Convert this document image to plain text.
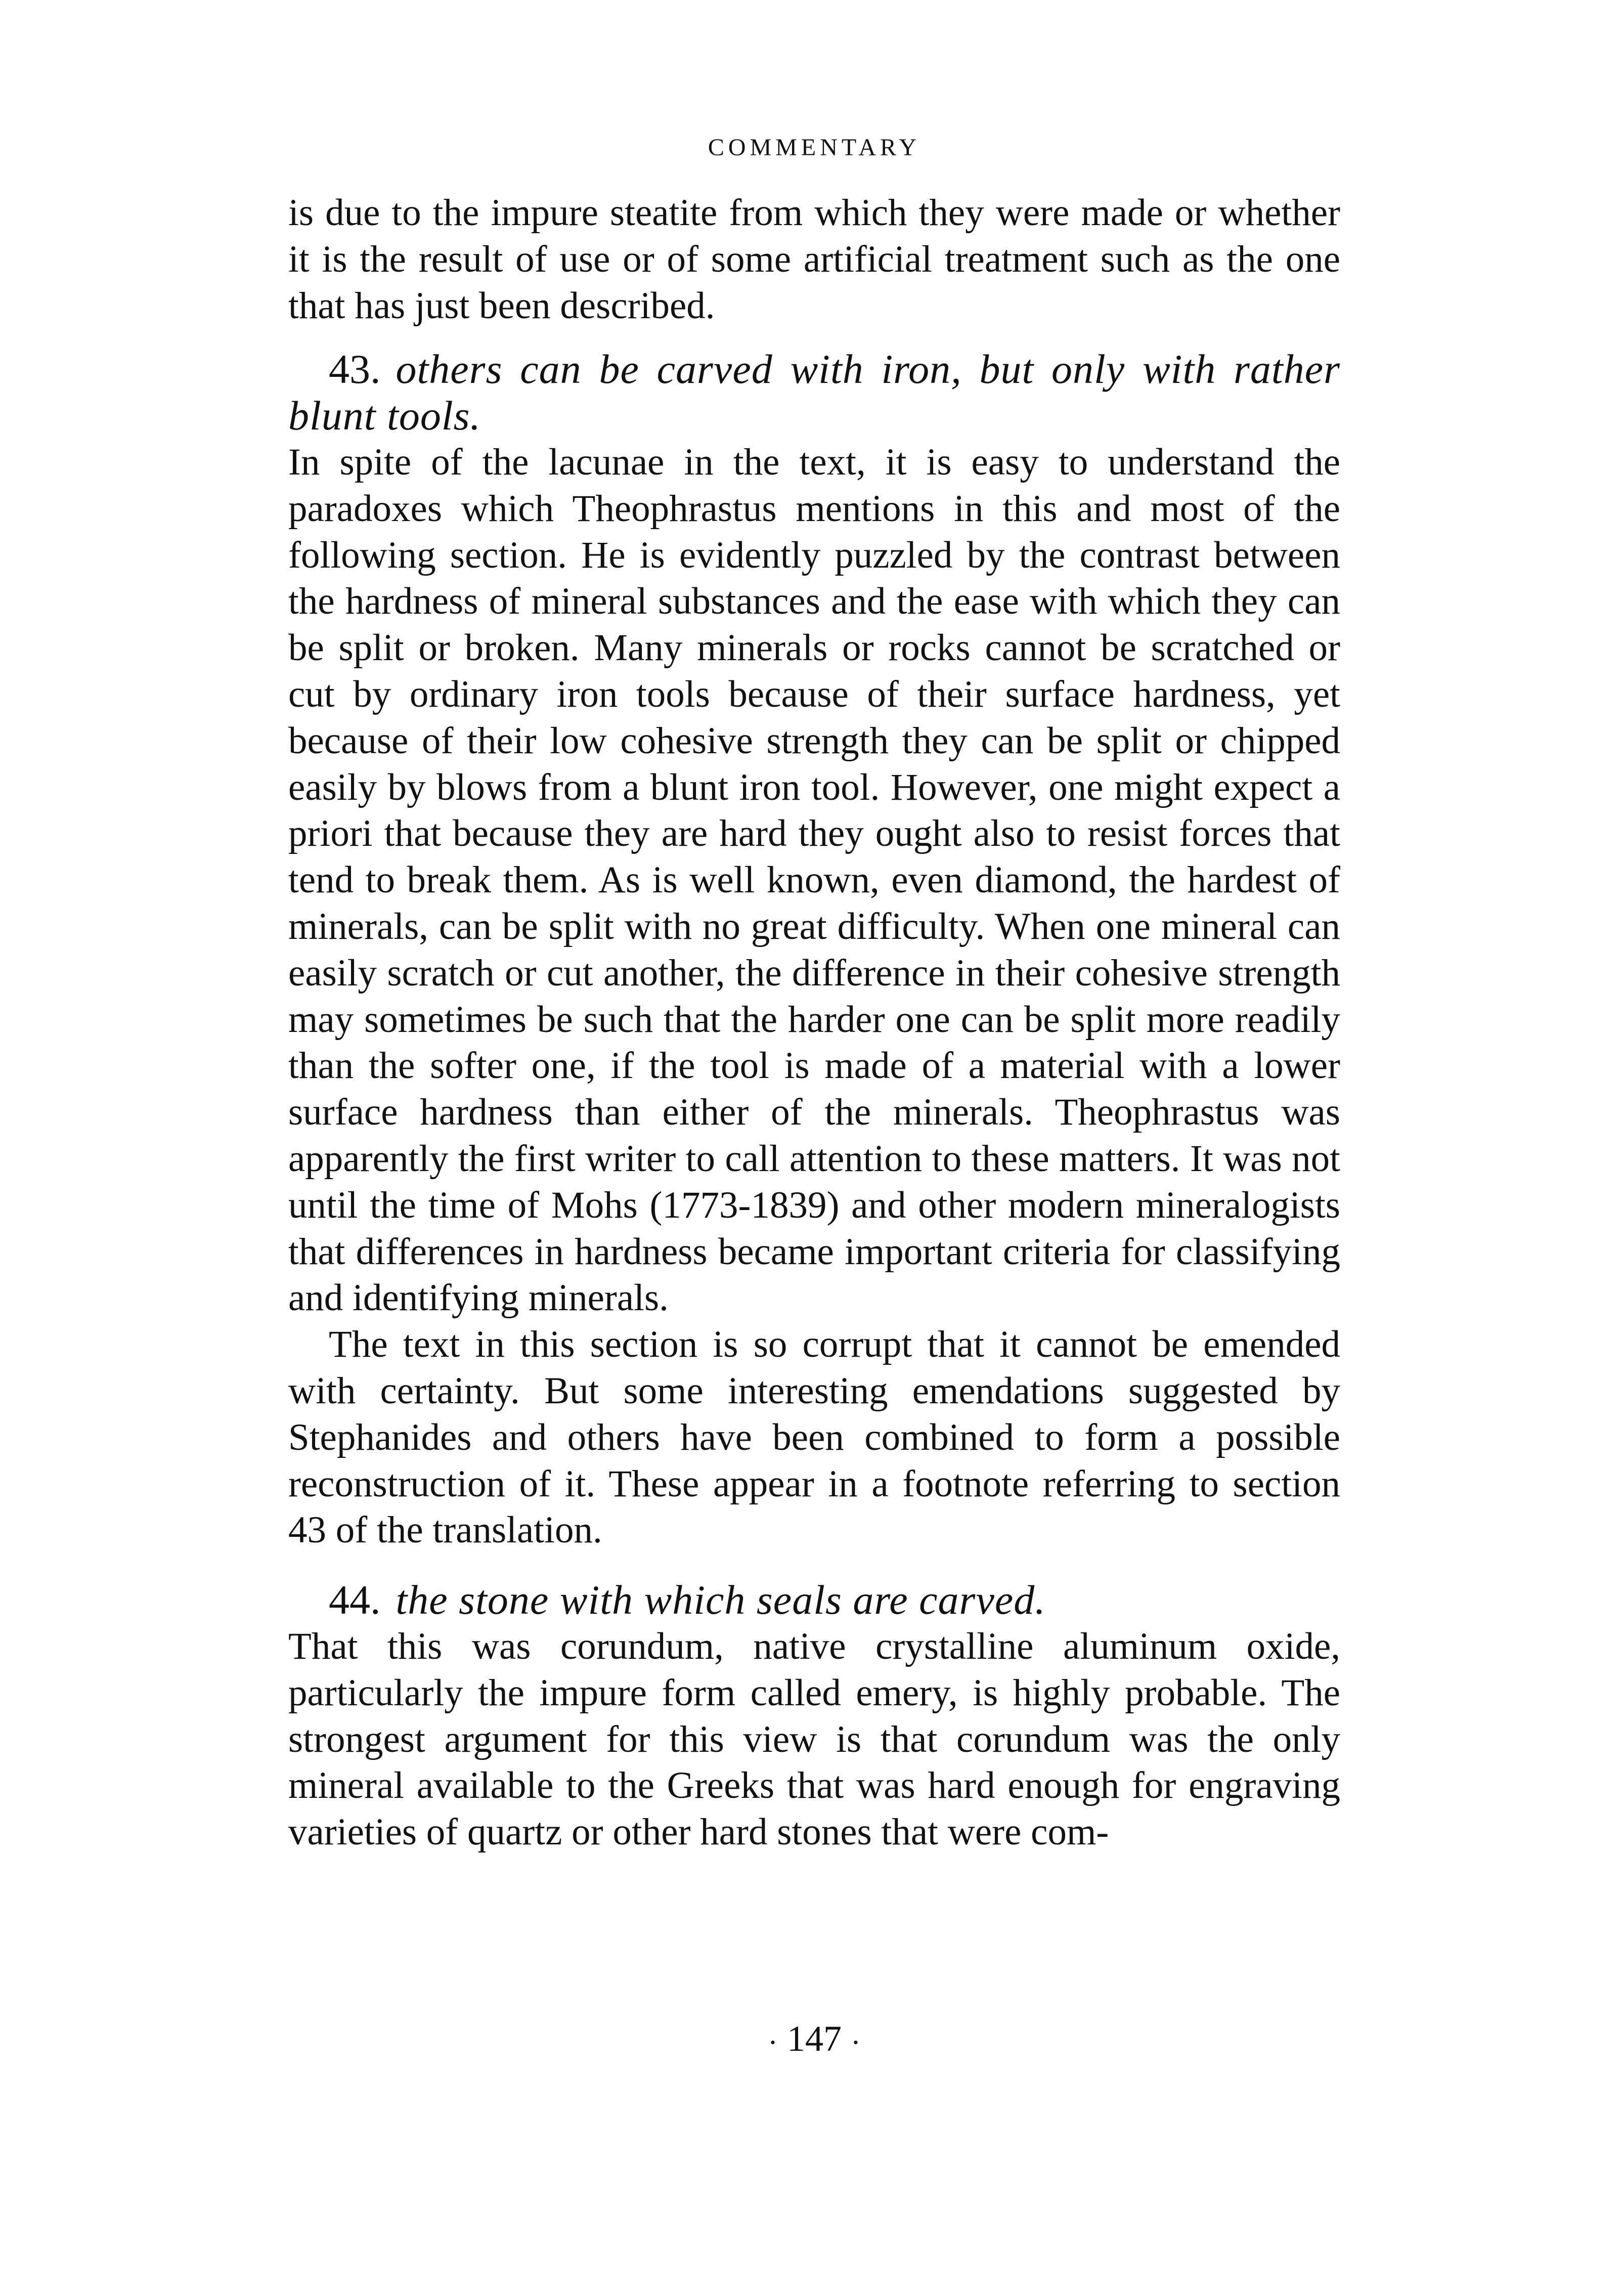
COMMENTARY

is due to the impure steatite from which they were made or whether it is the result of use or of some artificial treatment such as the one that has just been described.

43. others can be carved with iron, but only with rather blunt tools.

In spite of the lacunae in the text, it is easy to understand the paradoxes which Theophrastus mentions in this and most of the following section. He is evidently puzzled by the contrast between the hardness of mineral substances and the ease with which they can be split or broken. Many minerals or rocks cannot be scratched or cut by ordinary iron tools because of their surface hardness, yet because of their low cohesive strength they can be split or chipped easily by blows from a blunt iron tool. However, one might expect a priori that because they are hard they ought also to resist forces that tend to break them. As is well known, even diamond, the hardest of minerals, can be split with no great difficulty. When one mineral can easily scratch or cut another, the difference in their cohesive strength may sometimes be such that the harder one can be split more readily than the softer one, if the tool is made of a material with a lower surface hardness than either of the minerals. Theophrastus was apparently the first writer to call attention to these matters. It was not until the time of Mohs (1773-1839) and other modern mineralogists that differences in hardness became important criteria for classifying and identifying minerals.

The text in this section is so corrupt that it cannot be emended with certainty. But some interesting emendations suggested by Stephanides and others have been combined to form a possible reconstruction of it. These appear in a footnote referring to section 43 of the translation.

44. the stone with which seals are carved.

That this was corundum, native crystalline aluminum oxide, particularly the impure form called emery, is highly probable. The strongest argument for this view is that corundum was the only mineral available to the Greeks that was hard enough for engraving varieties of quartz or other hard stones that were com-

· 147 ·
